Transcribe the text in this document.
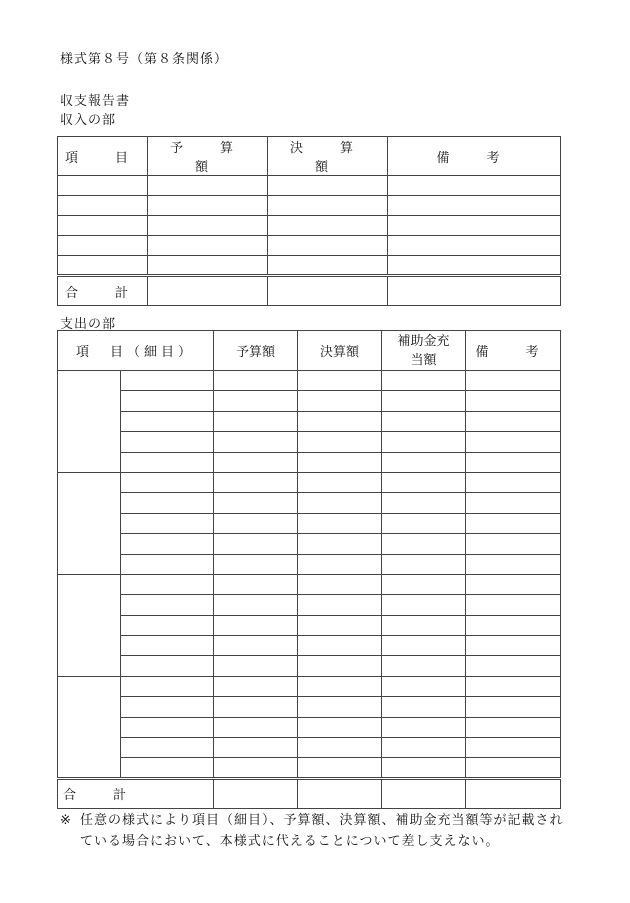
様式第８号（第８条関係）
収支報告書
収入の部
項　目	予　算　額	決　算　額	備　考

合　計			
支出の部
項　目（細目）		予算額	決算額	補助金充当額	備　考

合　計					
※ 任意の様式により項目（細目）、予算額、決算額、補助金充当額等が記載されている場合において、本様式に代えることについて差し支えない。
